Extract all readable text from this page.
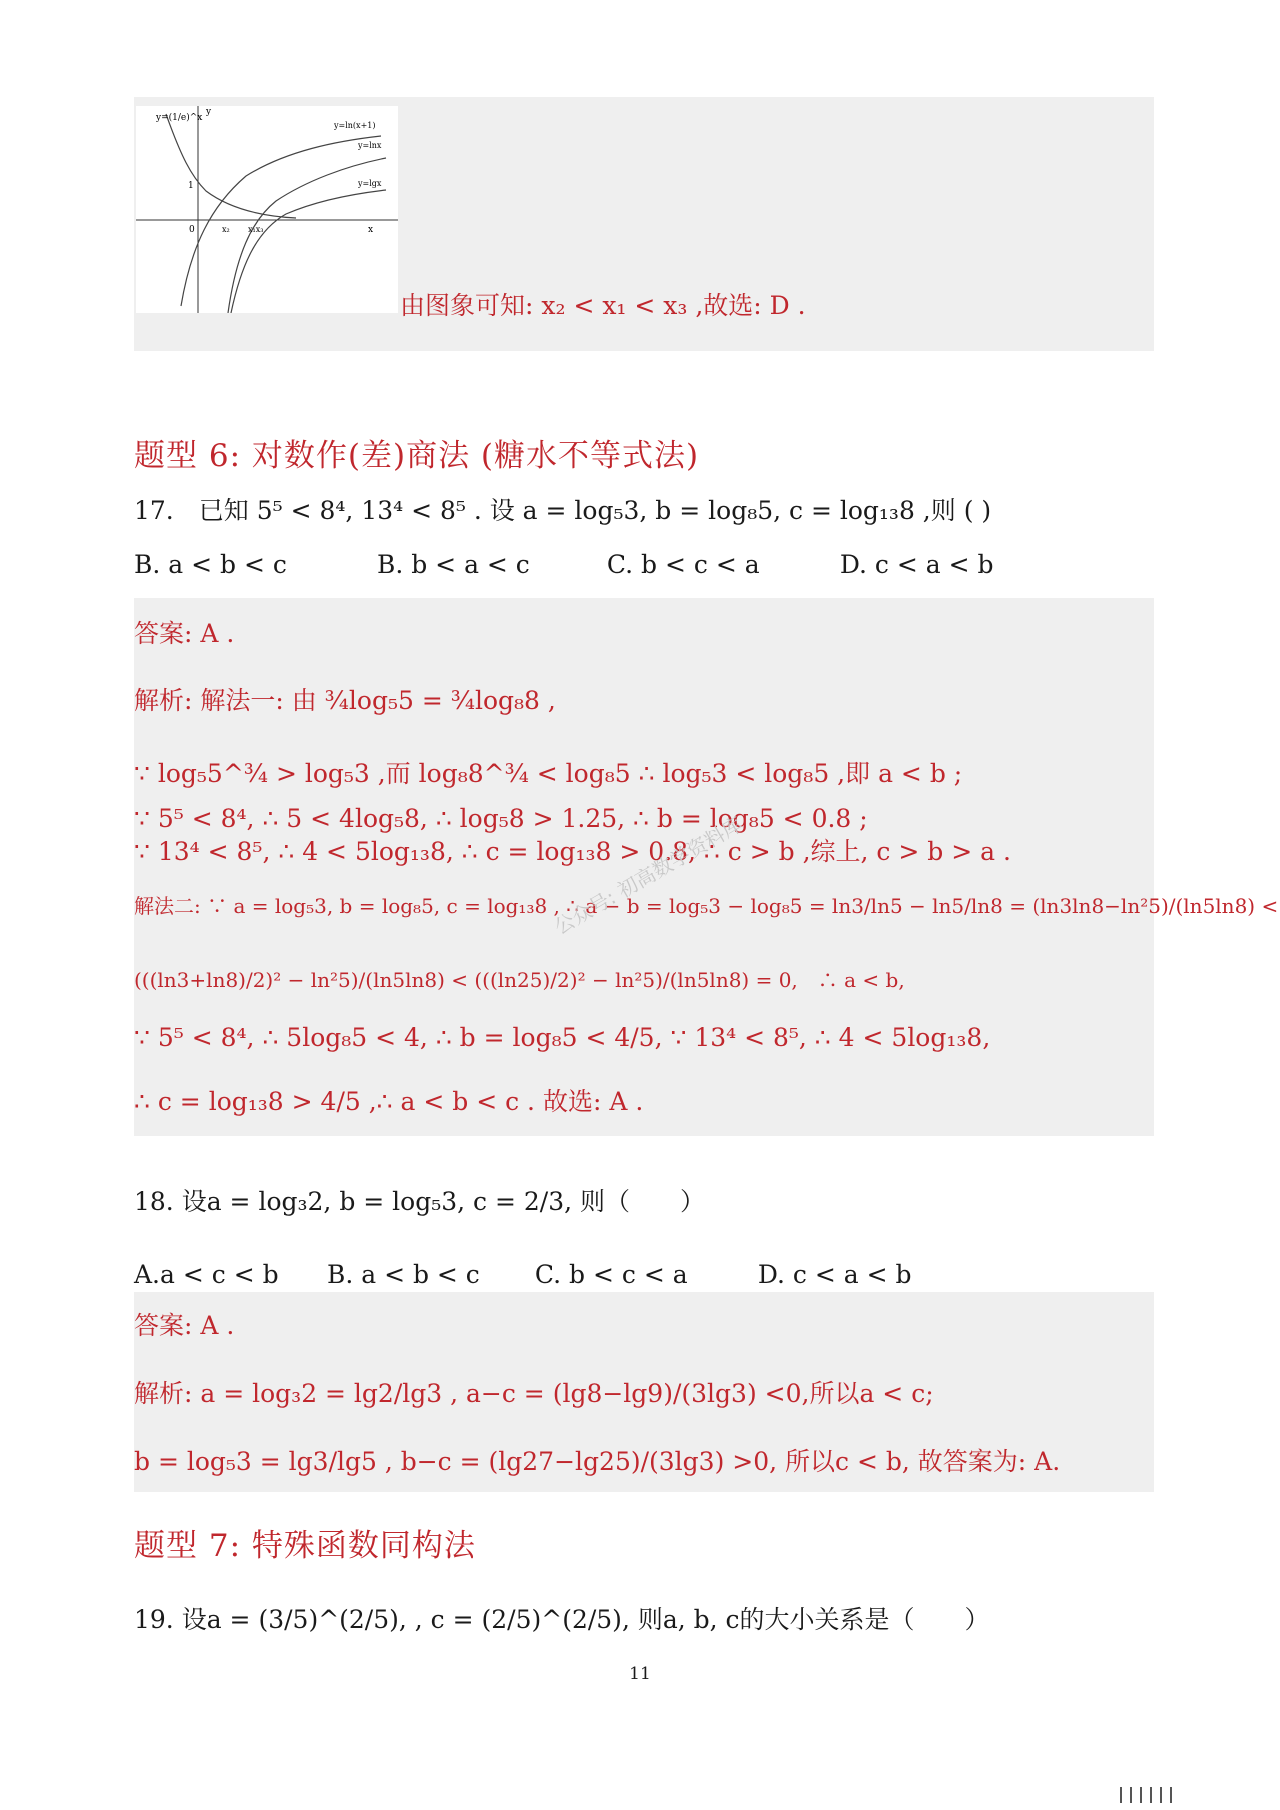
y=(1/e)^x
y
y=ln(x+1)
y=lnx
y=lgx
1
0	x₂ x₁x₃	x
由图象可知: x₂ < x₁ < x₃ ,故选: D .
题型 6: 对数作(差)商法 (糖水不等式法)
17.　已知 5⁵ < 8⁴, 13⁴ < 8⁵ . 设 a = log₅3, b = log₈5, c = log₁₃8 ,则 ( )
B. a < b < c	B. b < a < c	C. b < c < a	D. c < a < b
答案: A .
解析: 解法一: 由 ¾log₅5 = ¾log₈8 ,
∵ log₅5^¾ > log₅3 ,而 log₈8^¾ < log₈5 ∴ log₅3 < log₈5 ,即 a < b ;
∵ 5⁵ < 8⁴, ∴ 5 < 4log₅8, ∴ log₅8 > 1.25, ∴ b = log₈5 < 0.8 ;
∵ 13⁴ < 8⁵, ∴ 4 < 5log₁₃8, ∴ c = log₁₃8 > 0.8, ∴ c > b ,综上, c > b > a .
解法二: ∵ a = log₅3, b = log₈5, c = log₁₃8 , ∴ a − b = log₅3 − log₈5 = ln3/ln5 − ln5/ln8 = (ln3ln8−ln²5)/(ln5ln8) <
(((ln3+ln8)/2)² − ln²5)/(ln5ln8) < (((ln25)/2)² − ln²5)/(ln5ln8) = 0,　∴ a < b,
∵ 5⁵ < 8⁴, ∴ 5log₈5 < 4, ∴ b = log₈5 < 4/5, ∵ 13⁴ < 8⁵, ∴ 4 < 5log₁₃8,
∴ c = log₁₃8 > 4/5 ,∴ a < b < c . 故选: A .
公众号: 初高数学资料库
18. 设a = log₃2, b = log₅3, c = 2/3, 则（　　）
A.a < c < b B. a < b < c C. b < c < a	D. c < a < b
答案: A .
解析: a = log₃2 = lg2/lg3 , a−c = (lg8−lg9)/(3lg3) <0,所以a < c;
b = log₅3 = lg3/lg5 , b−c = (lg27−lg25)/(3lg3) >0, 所以c < b, 故答案为: A.
题型 7: 特殊函数同构法
19. 设a = (3/5)^(2/5), , c = (2/5)^(2/5), 则a, b, c的大小关系是（　　）
11
